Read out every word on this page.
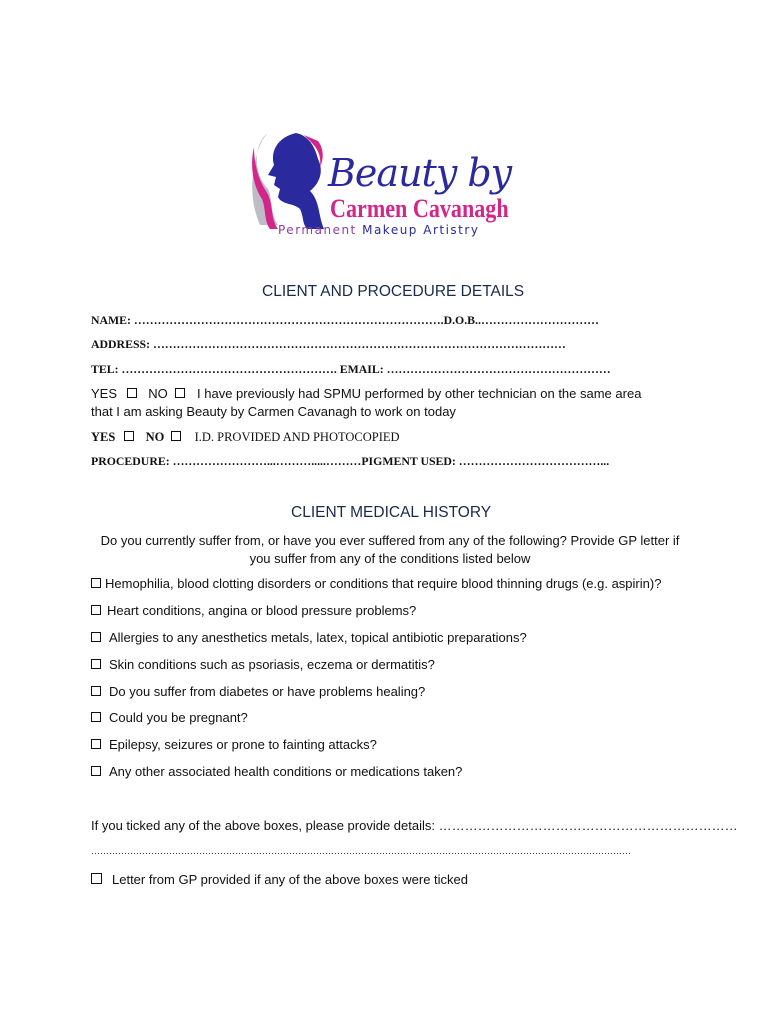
Beauty by
Carmen Cavanagh
Permanent Makeup Artistry
CLIENT AND PROCEDURE DETAILS
NAME: …………………………………………………………………….D.O.B..…………………………
ADDRESS: ……………………………………………………………………………………………
TEL: ………………………………………………. EMAIL: …………………………………………………
YES NO I have previously had SPMU performed by other technician on the same area
that I am asking Beauty by Carmen Cavanagh to work on today
YES NO I.D. PROVIDED AND PHOTOCOPIED
PROCEDURE: ……………………...……….....………PIGMENT USED: ………………………………...
CLIENT MEDICAL HISTORY
Do you currently suffer from, or have you ever suffered from any of the following? Provide GP letter if
you suffer from any of the conditions listed below
Hemophilia, blood clotting disorders or conditions that require blood thinning drugs (e.g. aspirin)?
Heart conditions, angina or blood pressure problems?
Allergies to any anesthetics metals, latex, topical antibiotic preparations?
Skin conditions such as psoriasis, eczema or dermatitis?
Do you suffer from diabetes or have problems healing?
Could you be pregnant?
Epilepsy, seizures or prone to fainting attacks?
Any other associated health conditions or medications taken?
If you ticked any of the above boxes, please provide details: ……………………………………………………………
………………………………………………………………………………………………………………………………………………………………
Letter from GP provided if any of the above boxes were ticked
